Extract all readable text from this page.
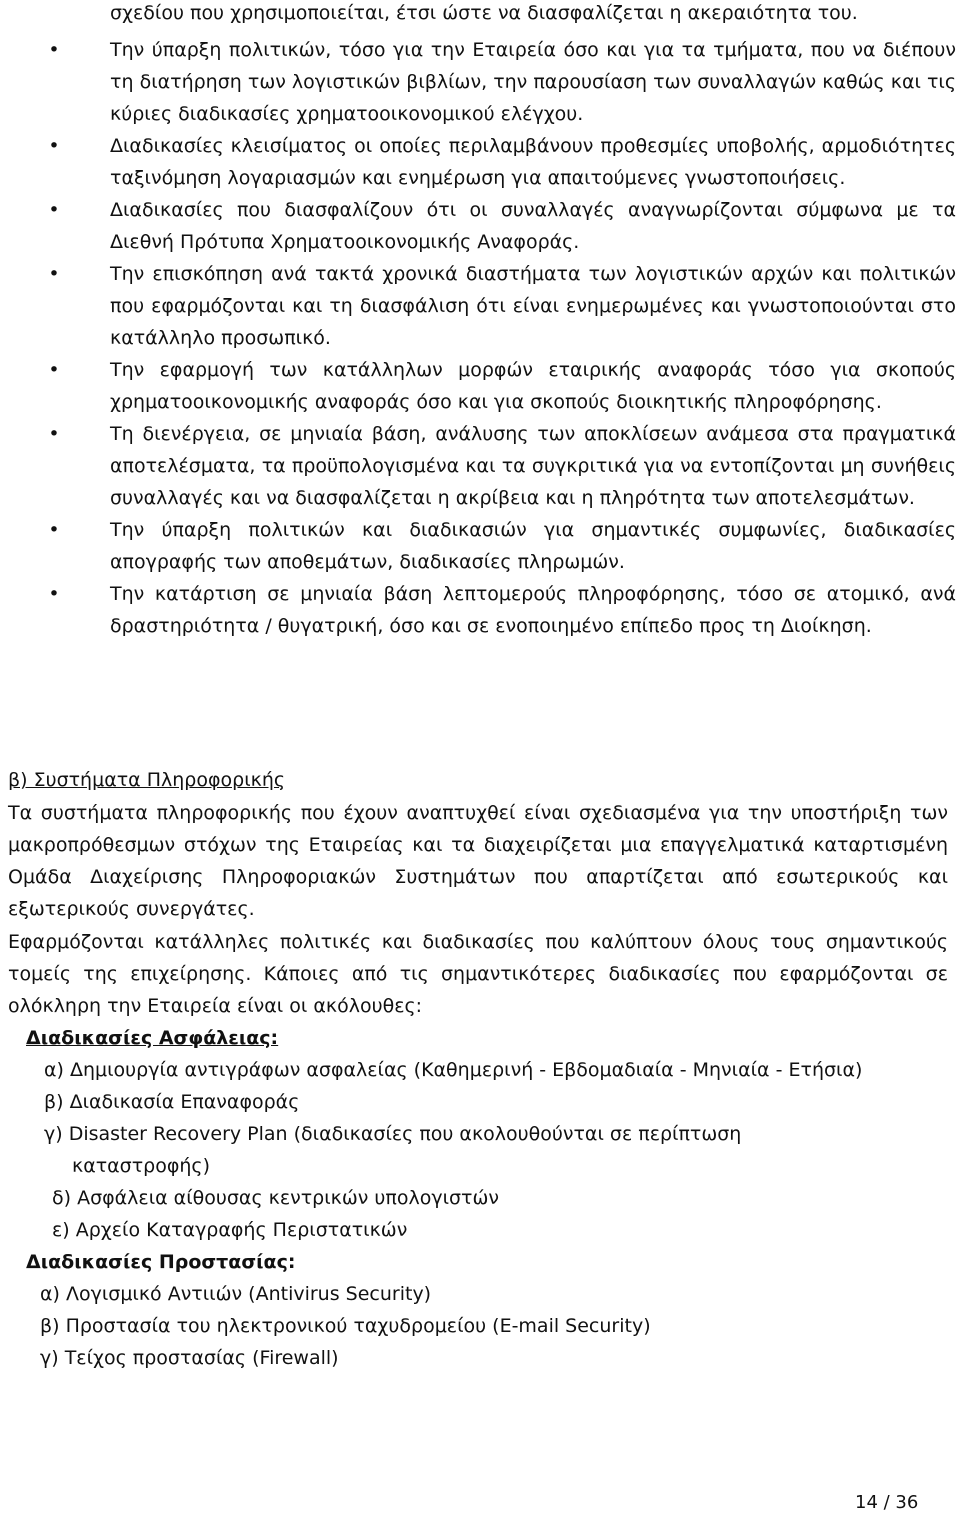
σχεδίου που χρησιμοποιείται, έτσι ώστε να διασφαλίζεται η ακεραιότητα του.
•	Την ύπαρξη πολιτικών, τόσο για την Εταιρεία όσο και για τα τμήματα, που να διέπουν τη διατήρηση των λογιστικών βιβλίων, την παρουσίαση των συναλλαγών καθώς και τις κύριες διαδικασίες χρηματοοικονομικού ελέγχου.
•	Διαδικασίες κλεισίματος οι οποίες περιλαμβάνουν προθεσμίες υποβολής, αρμοδιότητες ταξινόμηση λογαριασμών και ενημέρωση για απαιτούμενες γνωστοποιήσεις.
•	Διαδικασίες που διασφαλίζουν ότι οι συναλλαγές αναγνωρίζονται σύμφωνα με τα Διεθνή Πρότυπα Χρηματοοικονομικής Αναφοράς.
•	Την επισκόπηση ανά τακτά χρονικά διαστήματα των λογιστικών αρχών και πολιτικών που εφαρμόζονται και τη διασφάλιση ότι είναι ενημερωμένες και γνωστοποιούνται στο κατάλληλο προσωπικό.
•	Την εφαρμογή των κατάλληλων μορφών εταιρικής αναφοράς τόσο για σκοπούς χρηματοοικονομικής αναφοράς όσο και για σκοπούς διοικητικής πληροφόρησης.
•	Τη διενέργεια, σε μηνιαία βάση, ανάλυσης των αποκλίσεων ανάμεσα στα πραγματικά αποτελέσματα, τα προϋπολογισμένα και τα συγκριτικά για να εντοπίζονται μη συνήθεις συναλλαγές και να διασφαλίζεται η ακρίβεια και η πληρότητα των αποτελεσμάτων.
•	Την ύπαρξη πολιτικών και διαδικασιών για σημαντικές συμφωνίες, διαδικασίες απογραφής των αποθεμάτων, διαδικασίες πληρωμών.
•	Την κατάρτιση σε μηνιαία βάση λεπτομερούς πληροφόρησης, τόσο σε ατομικό, ανά δραστηριότητα / θυγατρική, όσο και σε ενοποιημένο επίπεδο προς τη Διοίκηση.
β) Συστήματα Πληροφορικής

Τα συστήματα πληροφορικής που έχουν αναπτυχθεί είναι σχεδιασμένα για την υποστήριξη των μακροπρόθεσμων στόχων της Εταιρείας και τα διαχειρίζεται μια επαγγελματικά καταρτισμένη Ομάδα Διαχείρισης Πληροφοριακών Συστημάτων που απαρτίζεται από εσωτερικούς και εξωτερικούς συνεργάτες.

Εφαρμόζονται κατάλληλες πολιτικές και διαδικασίες που καλύπτουν όλους τους σημαντικούς τομείς της επιχείρησης. Κάποιες από τις σημαντικότερες διαδικασίες που εφαρμόζονται σε ολόκληρη την Εταιρεία είναι οι ακόλουθες:

Διαδικασίες Ασφάλειας:
α) Δημιουργία αντιγράφων ασφαλείας (Καθημερινή - Εβδομαδιαία - Μηνιαία - Ετήσια)
β) Διαδικασία Επαναφοράς
γ) Disaster Recovery Plan (διαδικασίες που ακολουθούνται σε περίπτωση καταστροφής)
δ) Ασφάλεια αίθουσας κεντρικών υπολογιστών
ε) Αρχείο Καταγραφής Περιστατικών
Διαδικασίες Προστασίας:
α) Λογισμικό Αντιιών (Antivirus Security)
β) Προστασία του ηλεκτρονικού ταχυδρομείου (E-mail Security)
γ) Τείχος προστασίας (Firewall)
14 / 36
